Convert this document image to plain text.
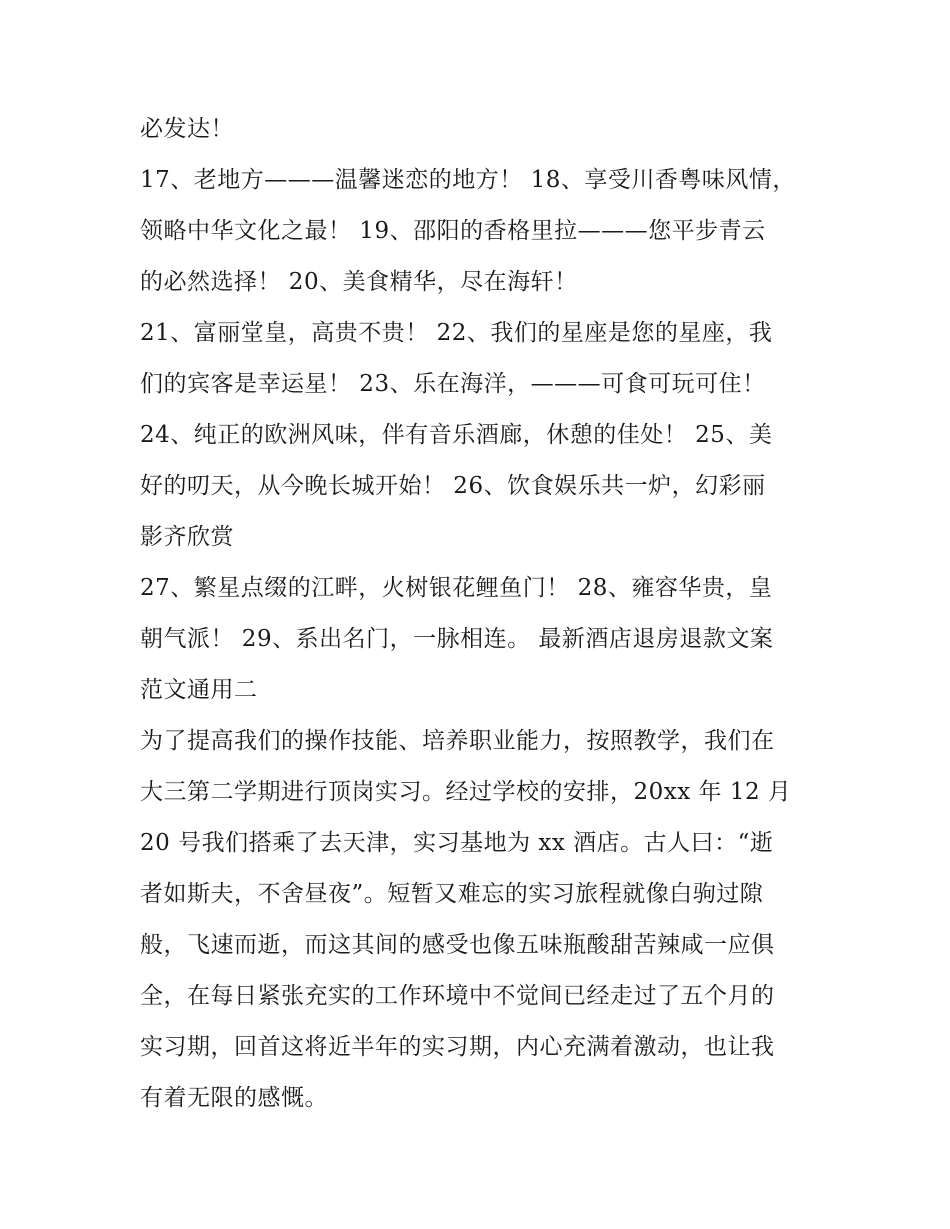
必发达！

17、老地方———温馨迷恋的地方！ 18、享受川香粤味风情，

领略中华文化之最！ 19、邵阳的香格里拉———您平步青云

的必然选择！ 20、美食精华，尽在海轩！

21、富丽堂皇，高贵不贵！ 22、我们的星座是您的星座，我

们的宾客是幸运星！ 23、乐在海洋，———可食可玩可住！

24、纯正的欧洲风味，伴有音乐酒廊，休憩的佳处！ 25、美

好的叨天，从今晚长城开始！ 26、饮食娱乐共一炉，幻彩丽

影齐欣赏

27、繁星点缀的江畔，火树银花鲤鱼门！ 28、雍容华贵，皇

朝气派！ 29、系出名门，一脉相连。 最新酒店退房退款文案

范文通用二

为了提高我们的操作技能、培养职业能力，按照教学，我们在

大三第二学期进行顶岗实习。经过学校的安排，20xx 年 12 月

20 号我们搭乘了去天津，实习基地为 xx 酒店。古人曰：“逝

者如斯夫，不舍昼夜”。短暂又难忘的实习旅程就像白驹过隙

般，飞速而逝，而这其间的感受也像五味瓶酸甜苦辣咸一应俱

全，在每日紧张充实的工作环境中不觉间已经走过了五个月的

实习期，回首这将近半年的实习期，内心充满着激动，也让我

有着无限的感慨。
